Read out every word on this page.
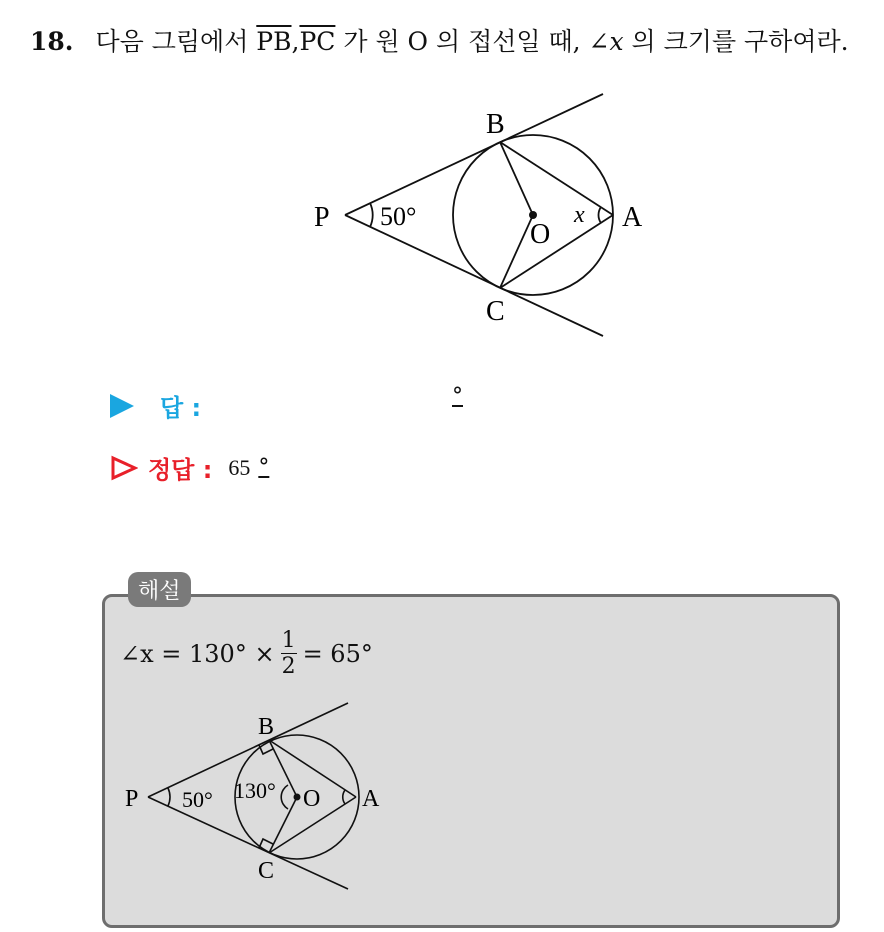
18. 다음 그림에서 $\overline{PB},\overline{PC}$ 가 원 O 의 접선일 때, ∠x 의 크기를 구하여라.
B
P	A
O
C
50°	x
답 :	°
정답 : 65 °
해설
∠x = $130^\circ \times \frac{1}{2} = 65^\circ$
B
P	A
O
C
50° 130°
